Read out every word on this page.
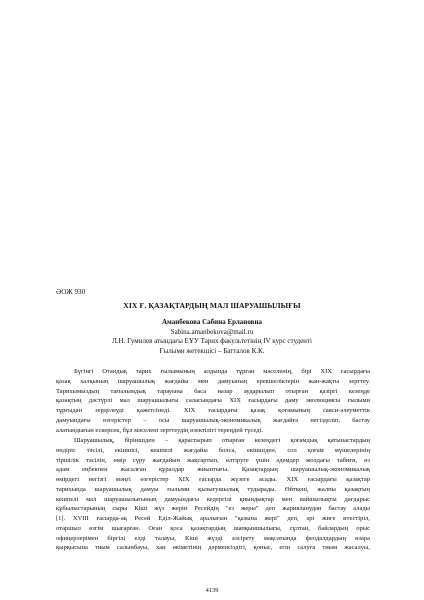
ӘОЖ 930
XIX Ғ. ҚАЗАҚТАРДЫҢ МАЛ ШАРУАШЫЛЫҒЫ
Аманбекова Сабина Ерлановна
Sabina.amanbekova@mail.ru
Л.Н. Гумилев атындағы ЕҰУ Тарих факультетінің IV курс студенті
Ғылыми жетекшісі – Батталов К.К.
Бүгінгі Отандық тарих ғылымының алдында тұрған мәселенің, бірі XIX ғасырдағы
қазақ халқының шаруашылық жағдайы мен дамуының ерекшеліктерін жан-жақты зерттеу.
Тарихымыздың тағылымдық тарауына баса назар аударылып отырған қазіргі кезеңде
қазақтың дәстүрлі мал шаруашылығы саласындағы XIX ғасырдағы даму эволюциясы ғылыми
тұрғыдан зерделеуді қажетсінеді. XIX ғасырдағы қазақ қоғамының саяси-әлеуметтік
дамуындағы өзгерістер – осы шаруашылық-экономикалық жағдайға негізделіп, бастау
алатындығын ескерсек, бұл мәселені зерттеудің өзектілігі тереңдей түседі.
Шаруашылық, біріншіден – қарастырып отырған кезеңдегі қоғамдық қатынастардың
өндіріс тәсілі, екіншісі, кешпелі жағдайы болса, екіншіден, сол қоғам мүшелерінің
тіршілік тәсілін, өмір сүру жағдайын жақсартып, өлтіруге үшін әдемдер жолдағы табиғи, өз
адам еңбекпен жасалған құралдар жиынтығы. Қазақтардың шаруашылық-экономикалық
өмірдегі негізгі мәңгі өзгерістер XIX ғасырда жүзеге асады. XIX ғасырдағы қазақтар
тарихында шаруашылық дамуы ғылыми қызығушылық тудырады. Өйткені, жалпы қазақтың
кешпелі мал шаруашылығының дамуындағы кедергілі қиындықтар мен вайшылықты дағдарыс
құбылыстарының сыры Кіші жүз жерін Ресейдің "ез жеры" деп жарияланудан бастау алады
[1]. XVIII ғасырда-ақ Ресей Еділ-Жайық аралығын "қазына жері" деп, әрі жиге итестіріл,
отаршыл өзгім шығарған. Оған қоса қазақтардың шапқыншылығы, сұлтан, байлардың орыс
офицерлерімен біргілі елді талауы, Кіші жүзді әлсірету мақсатында феодалдардың өзара
қырқысына тиым салынбауы, хан өкіметінің дәрменсіздігі, қоныс, егін салуға тиым жасалуы,
4139
